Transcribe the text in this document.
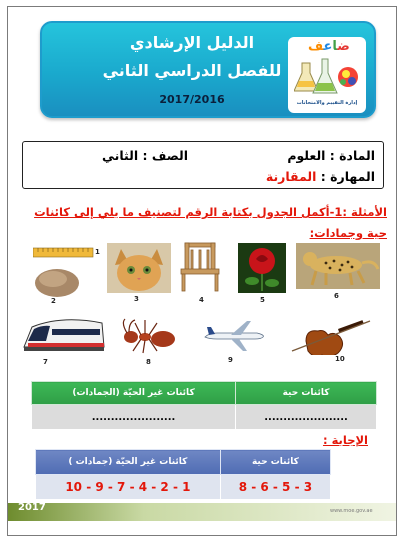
الدليل الإرشادي
للفصل الدراسي الثاني
2017/2016
ضاعف
إدارة التقييم والامتحانات
المادة : العلوم
الصف : الثاني
المهارة : المقارنة
الأمثلة :1-أكمل الجدول بكتابة الرقم لتصنيف ما يلي إلى كائنات حية وجمادات:
1
2	3	4	5	6
7	8	9	10
كائنات غير الحيّة (الجمادات)	كائنات حية
......................	......................
الإجابة :
كائنات غير الحيّة (جمادات )	كائنات حية
10 - 9 - 7 - 4 - 2 - 1	8 - 6 - 5 - 3
2017	www.moe.gov.ae
